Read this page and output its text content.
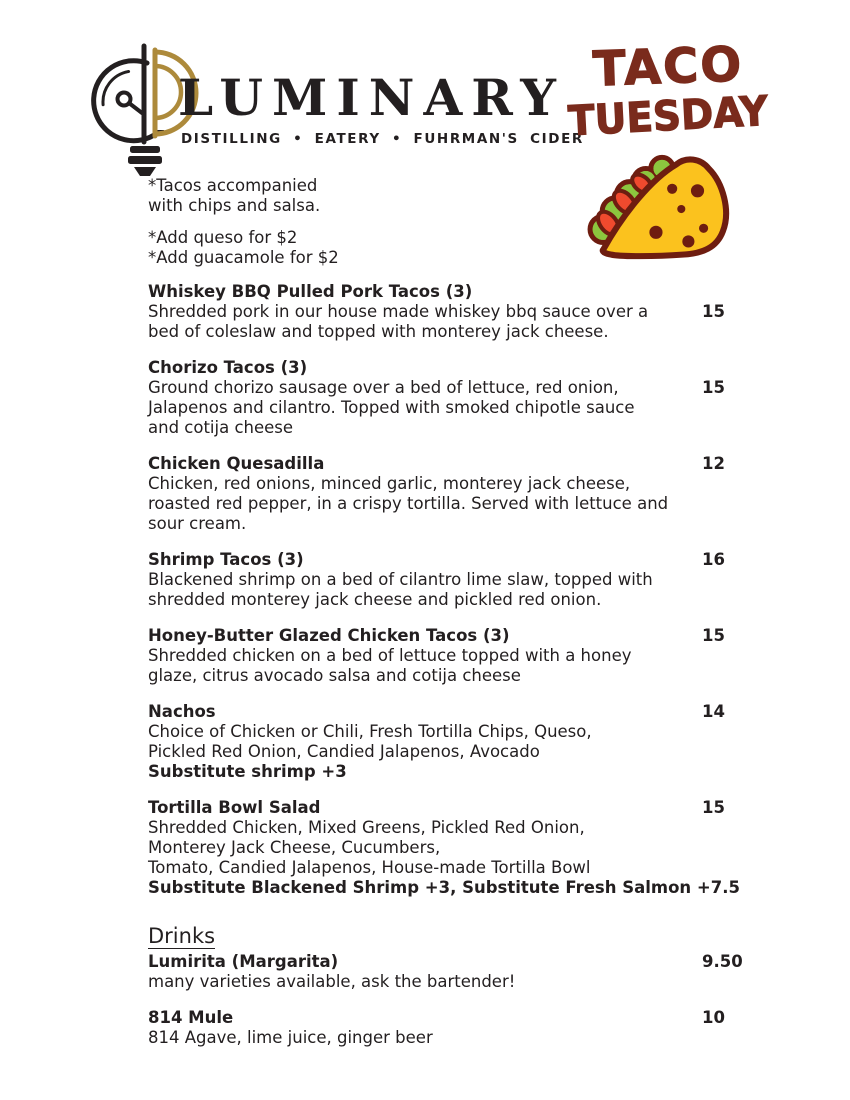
LUMINARY
DISTILLING • EATERY • FUHRMAN'S CIDER
TACO
TUESDAY
*Tacos accompanied
with chips and salsa.
*Add queso for $2
*Add guacamole for $2
Whiskey BBQ Pulled Pork Tacos (3)
Shredded pork in our house made whiskey bbq sauce over a
bed of coleslaw and topped with monterey jack cheese.
15
Chorizo Tacos (3)
Ground chorizo sausage over a bed of lettuce, red onion,
Jalapenos and cilantro. Topped with smoked chipotle sauce
and cotija cheese
15
Chicken Quesadilla
Chicken, red onions, minced garlic, monterey jack cheese,
roasted red pepper, in a crispy tortilla. Served with lettuce and
sour cream.
12
Shrimp Tacos (3)
Blackened shrimp on a bed of cilantro lime slaw, topped with
shredded monterey jack cheese and pickled red onion.
16
Honey-Butter Glazed Chicken Tacos (3)
Shredded chicken on a bed of lettuce topped with a honey
glaze, citrus avocado salsa and cotija cheese
15
Nachos
Choice of Chicken or Chili, Fresh Tortilla Chips, Queso,
Pickled Red Onion, Candied Jalapenos, Avocado
Substitute shrimp +3
14
Tortilla Bowl Salad
Shredded Chicken, Mixed Greens, Pickled Red Onion,
Monterey Jack Cheese, Cucumbers,
Tomato, Candied Jalapenos, House-made Tortilla Bowl
Substitute Blackened Shrimp +3, Substitute Fresh Salmon +7.5
15
Drinks
Lumirita (Margarita)
many varieties available, ask the bartender!
9.50
814 Mule
814 Agave, lime juice, ginger beer
10
